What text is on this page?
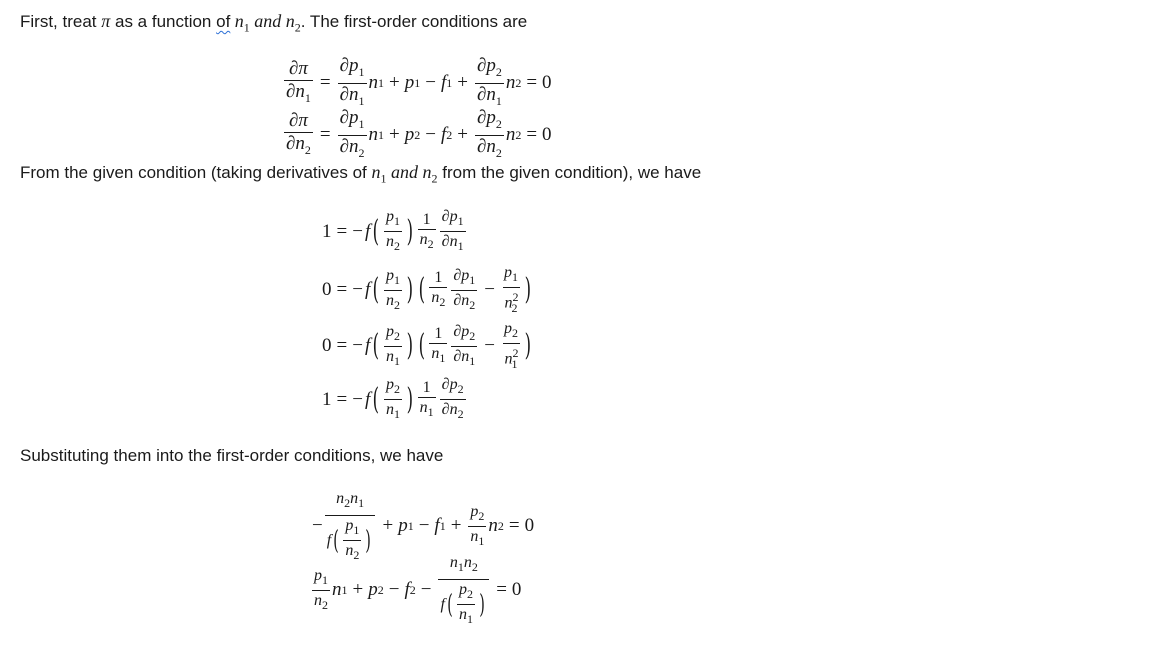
First, treat π as a function of $n_1$ and $n_2$. The first-order conditions are
$\frac{\partial\pi}{\partial n_1} = \frac{\partial p_1}{\partial n_1}$ n 1 + p 1 − f $1 + \frac{\partial p_2}{\partial n_1}$ n 2 = 0
$\frac{\partial\pi}{\partial n_2} = \frac{\partial p_1}{\partial n_2}$ n 1 + p 2 − f $2 + \frac{\partial p_2}{\partial n_2}$ n 2 = 0
From the given condition (taking derivatives of $n_1$ and $n_2$ from the given condition), we have
1 = − f ( $\frac{p_1}{n_2}$ ) $\frac{1}{n_2} \frac{\partial p_1}{\partial n_1}$
0 = − f ( $\frac{p_1}{n_2}$ ) ( $\frac{1}{n_2} \frac{\partial p_1}{\partial n_2} - \frac{p_1}{n^2_2}$ )
0 = − f ( $\frac{p_2}{n_1}$ ) ( $\frac{1}{n_1} \frac{\partial p_2}{\partial n_1} - \frac{p_2}{n^2_1}$ )
1 = − f ( $\frac{p_2}{n_1}$ ) $\frac{1}{n_1} \frac{\partial p_2}{\partial n_2}$
Substituting them into the first-order conditions, we have
− $\frac{n_2n_1}{f ( \frac{p_1}{n_2} )} + p$ 1 − f $1 + \frac{p_2}{n_1}$ n 2 = 0
$\frac{p_1}{n_2}$ n 1 + p 2 − f $2 - \frac{n_1n_2}{f ( \frac{p_2}{n_1} )} = 0$
